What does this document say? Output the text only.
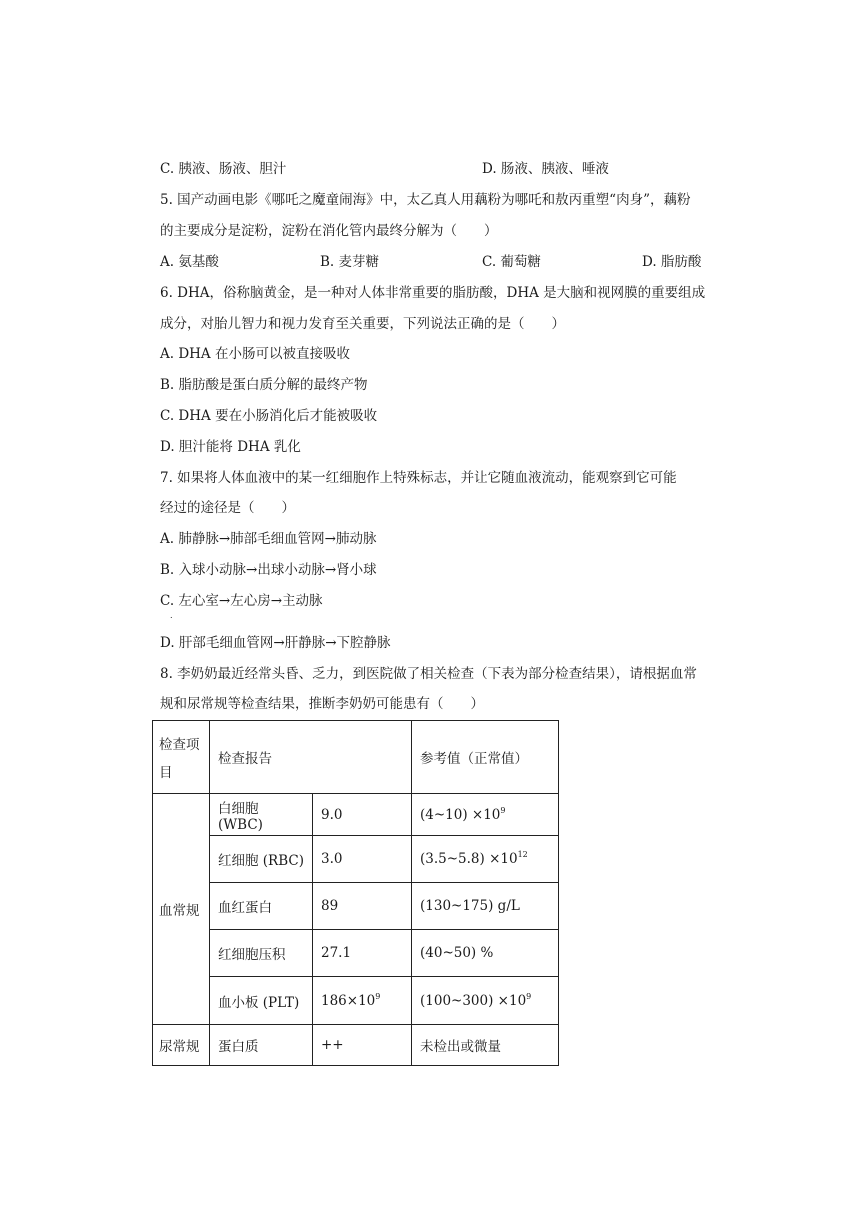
C. 胰液、肠液、胆汁	D. 肠液、胰液、唾液
5. 国产动画电影《哪吒之魔童闹海》中，太乙真人用藕粉为哪吒和敖丙重塑“肉身”，藕粉
的主要成分是淀粉，淀粉在消化管内最终分解为（　　）
A. 氨基酸	B. 麦芽糖	C. 葡萄糖	D. 脂肪酸
6. DHA，俗称脑黄金，是一种对人体非常重要的脂肪酸，DHA 是大脑和视网膜的重要组成
成分，对胎儿智力和视力发育至关重要，下列说法正确的是（　　）
A. DHA 在小肠可以被直接吸收
B. 脂肪酸是蛋白质分解的最终产物
C. DHA 要在小肠消化后才能被吸收
D. 胆汁能将 DHA 乳化
7. 如果将人体血液中的某一红细胞作上特殊标志，并让它随血液流动，能观察到它可能
经过的途径是（　　）
A. 肺静脉→肺部毛细血管网→肺动脉
B. 入球小动脉→出球小动脉→肾小球
C. 左心室→左心房→主动脉
.
D. 肝部毛细血管网→肝静脉→下腔静脉
8. 李奶奶最近经常头昏、乏力，到医院做了相关检查（下表为部分检查结果），请根据血常
规和尿常规等检查结果，推断李奶奶可能患有（　　）
检查项
目	检查报告		参考值（正常值）
血常规	白细胞 (WBC)	9.0	(4~10) $\times 10^9$
	红细胞 (RBC)	3.0	(3.5~5.8) $\times 10^{12}$
	血红蛋白	89	(130~175) g/L
	红细胞压积	27.1	(40~50) %
	血小板 (PLT)	$186\times 10^9$	(100~300) $\times 10^9$
尿常规	蛋白质	++	未检出或微量
